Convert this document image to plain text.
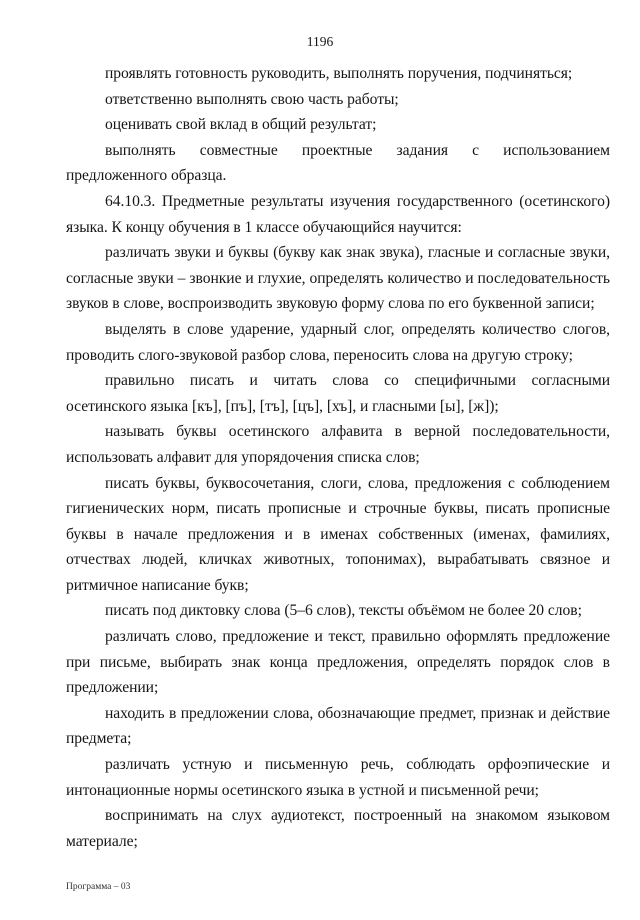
1196

проявлять готовность руководить, выполнять поручения, подчиняться;

ответственно выполнять свою часть работы;

оценивать свой вклад в общий результат;

выполнять совместные проектные задания с использованием предложенного образца.

64.10.3. Предметные результаты изучения государственного (осетинского) языка. К концу обучения в 1 классе обучающийся научится:

различать звуки и буквы (букву как знак звука), гласные и согласные звуки, согласные звуки – звонкие и глухие, определять количество и последовательность звуков в слове, воспроизводить звуковую форму слова по его буквенной записи;

выделять в слове ударение, ударный слог, определять количество слогов, проводить слого-звуковой разбор слова, переносить слова на другую строку;

правильно писать и читать слова со специфичными согласными осетинского языка [къ], [пъ], [тъ], [цъ], [хъ], и гласными [ы], [ж]);

называть буквы осетинского алфавита в верной последовательности, использовать алфавит для упорядочения списка слов;

писать буквы, буквосочетания, слоги, слова, предложения с соблюдением гигиенических норм, писать прописные и строчные буквы, писать прописные буквы в начале предложения и в именах собственных (именах, фамилиях, отчествах людей, кличках животных, топонимах), вырабатывать связное и ритмичное написание букв;

писать под диктовку слова (5–6 слов), тексты объёмом не более 20 слов;

различать слово, предложение и текст, правильно оформлять предложение при письме, выбирать знак конца предложения, определять порядок слов в предложении;

находить в предложении слова, обозначающие предмет, признак и действие предмета;

различать устную и письменную речь, соблюдать орфоэпические и интонационные нормы осетинского языка в устной и письменной речи;

воспринимать на слух аудиотекст, построенный на знакомом языковом материале;

Программа – 03
